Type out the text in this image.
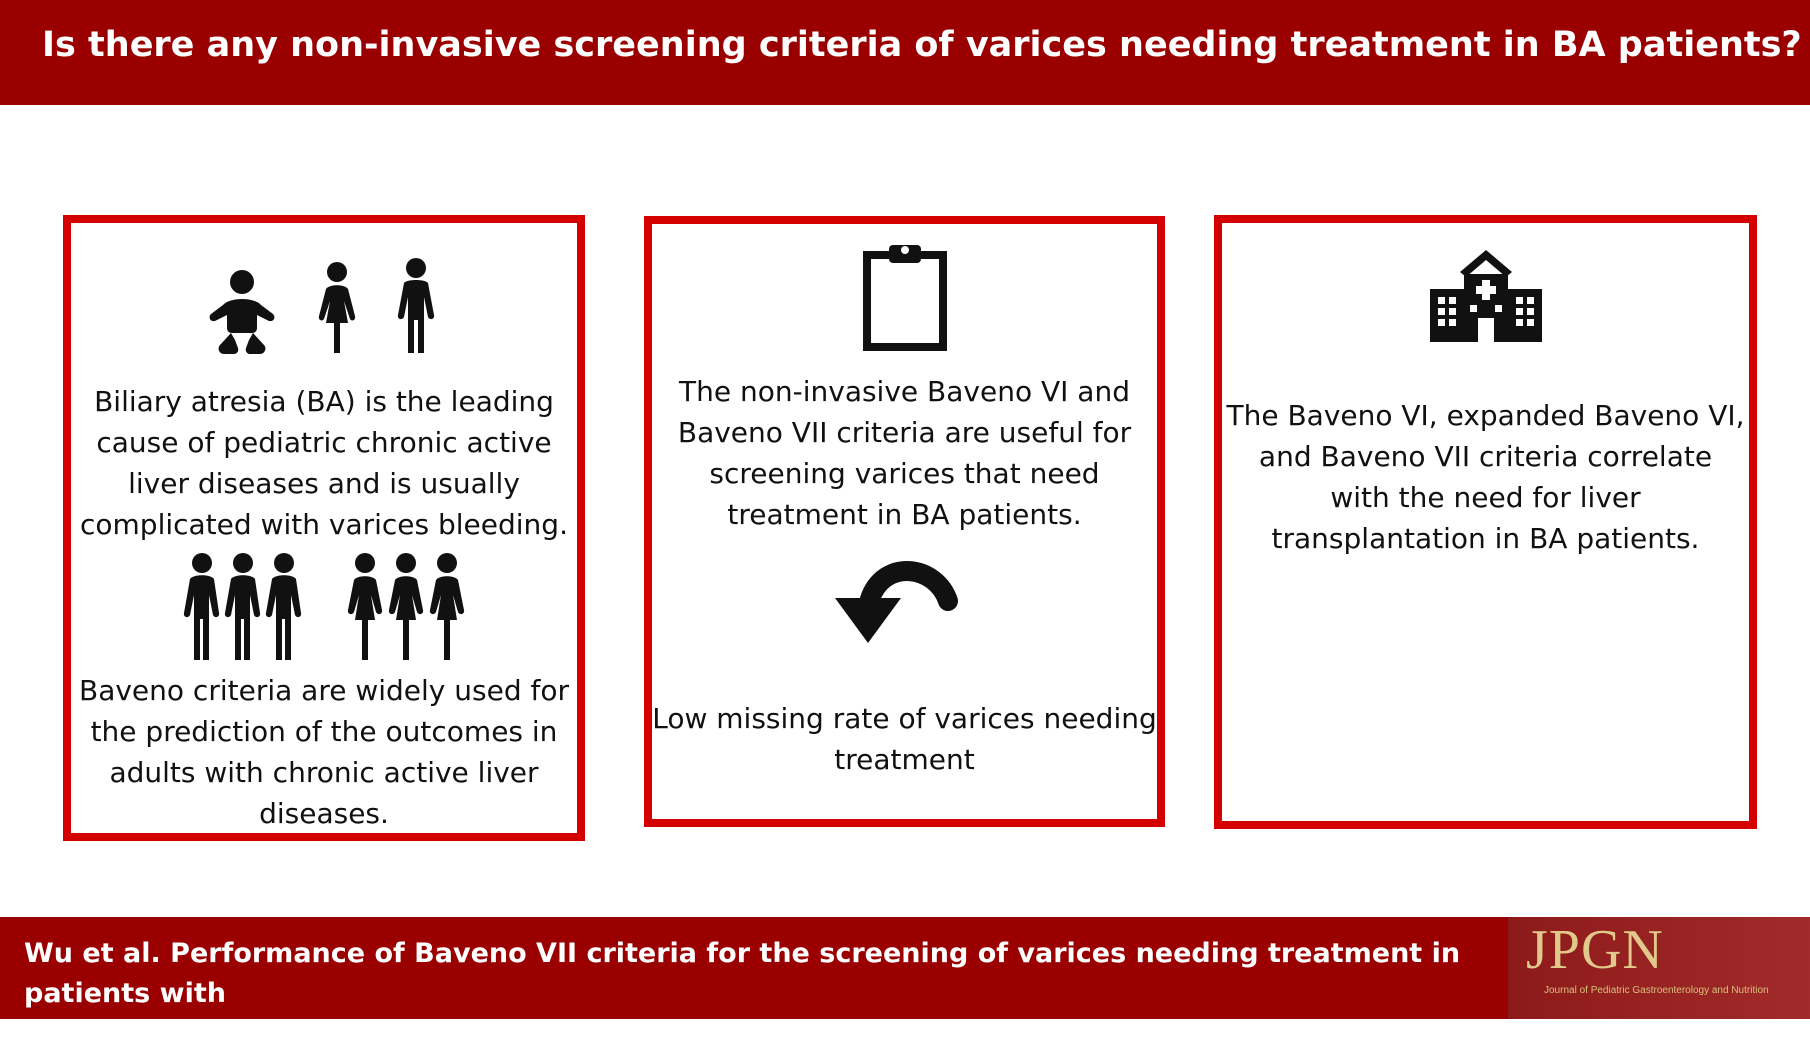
Is there any non-invasive screening criteria of varices needing treatment in BA patients?
Biliary atresia (BA) is the leading
cause of pediatric chronic active
liver diseases and is usually
complicated with varices bleeding.
Baveno criteria are widely used for
the prediction of the outcomes in
adults with chronic active liver
diseases.
The non-invasive Baveno VI and
Baveno VII criteria are useful for
screening varices that need
treatment in BA patients.
Low missing rate of varices needing
treatment
The Baveno VI, expanded Baveno VI,
and Baveno VII criteria correlate
with the need for liver
transplantation in BA patients.
Wu et al. Performance of Baveno VII criteria for the screening of varices needing treatment in patients with
biliary atresia. J Pediatr Gastroenterol Nutr. (2024)
JPGN
Journal of Pediatric Gastroenterology and Nutrition
